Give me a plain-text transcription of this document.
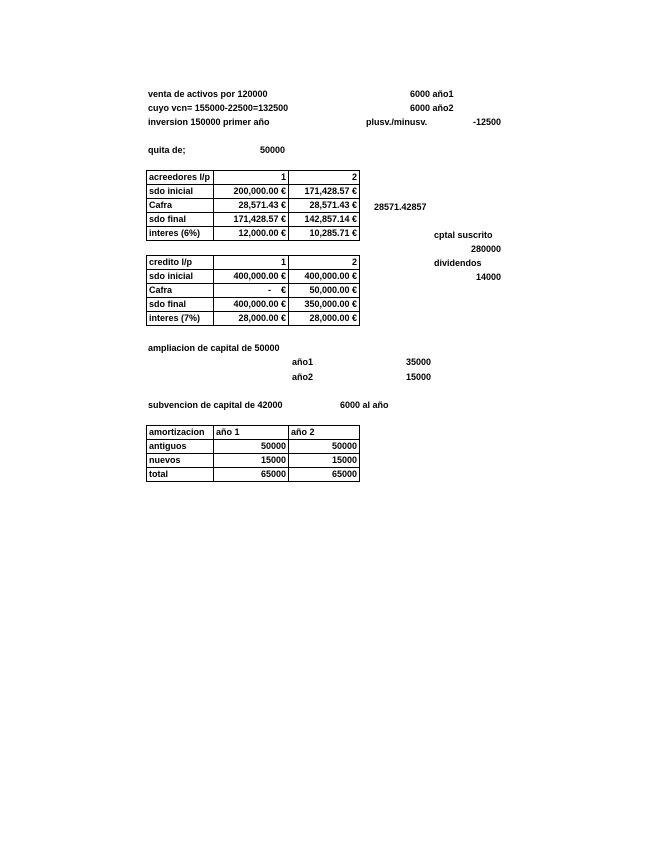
venta de activos por 120000	6000 año1
cuyo vcn= 155000-22500=132500	6000 año2
inversion 150000 primer año	plusv./minusv.	-12500
quita de;	50000
acreedores l/p	1	2
sdo inicial	200,000.00 €	171,428.57 €
Cafra	28,571.43 €	28,571.43 €
sdo final	171,428.57 €	142,857.14 €
interes (6%)	12,000.00 €	10,285.71 €
28571.42857
cptal suscrito
280000
dividendos
14000
credito l/p	1	2
sdo inicial	400,000.00 €	400,000.00 €
Cafra	-    €	50,000.00 €
sdo final	400,000.00 €	350,000.00 €
interes (7%)	28,000.00 €	28,000.00 €
ampliacion de capital de 50000
año1	35000
año2	15000
subvencion de capital de 42000	6000 al año
amortizacion	año 1	año 2
antiguos	50000	50000
nuevos	15000	15000
total	65000	65000
